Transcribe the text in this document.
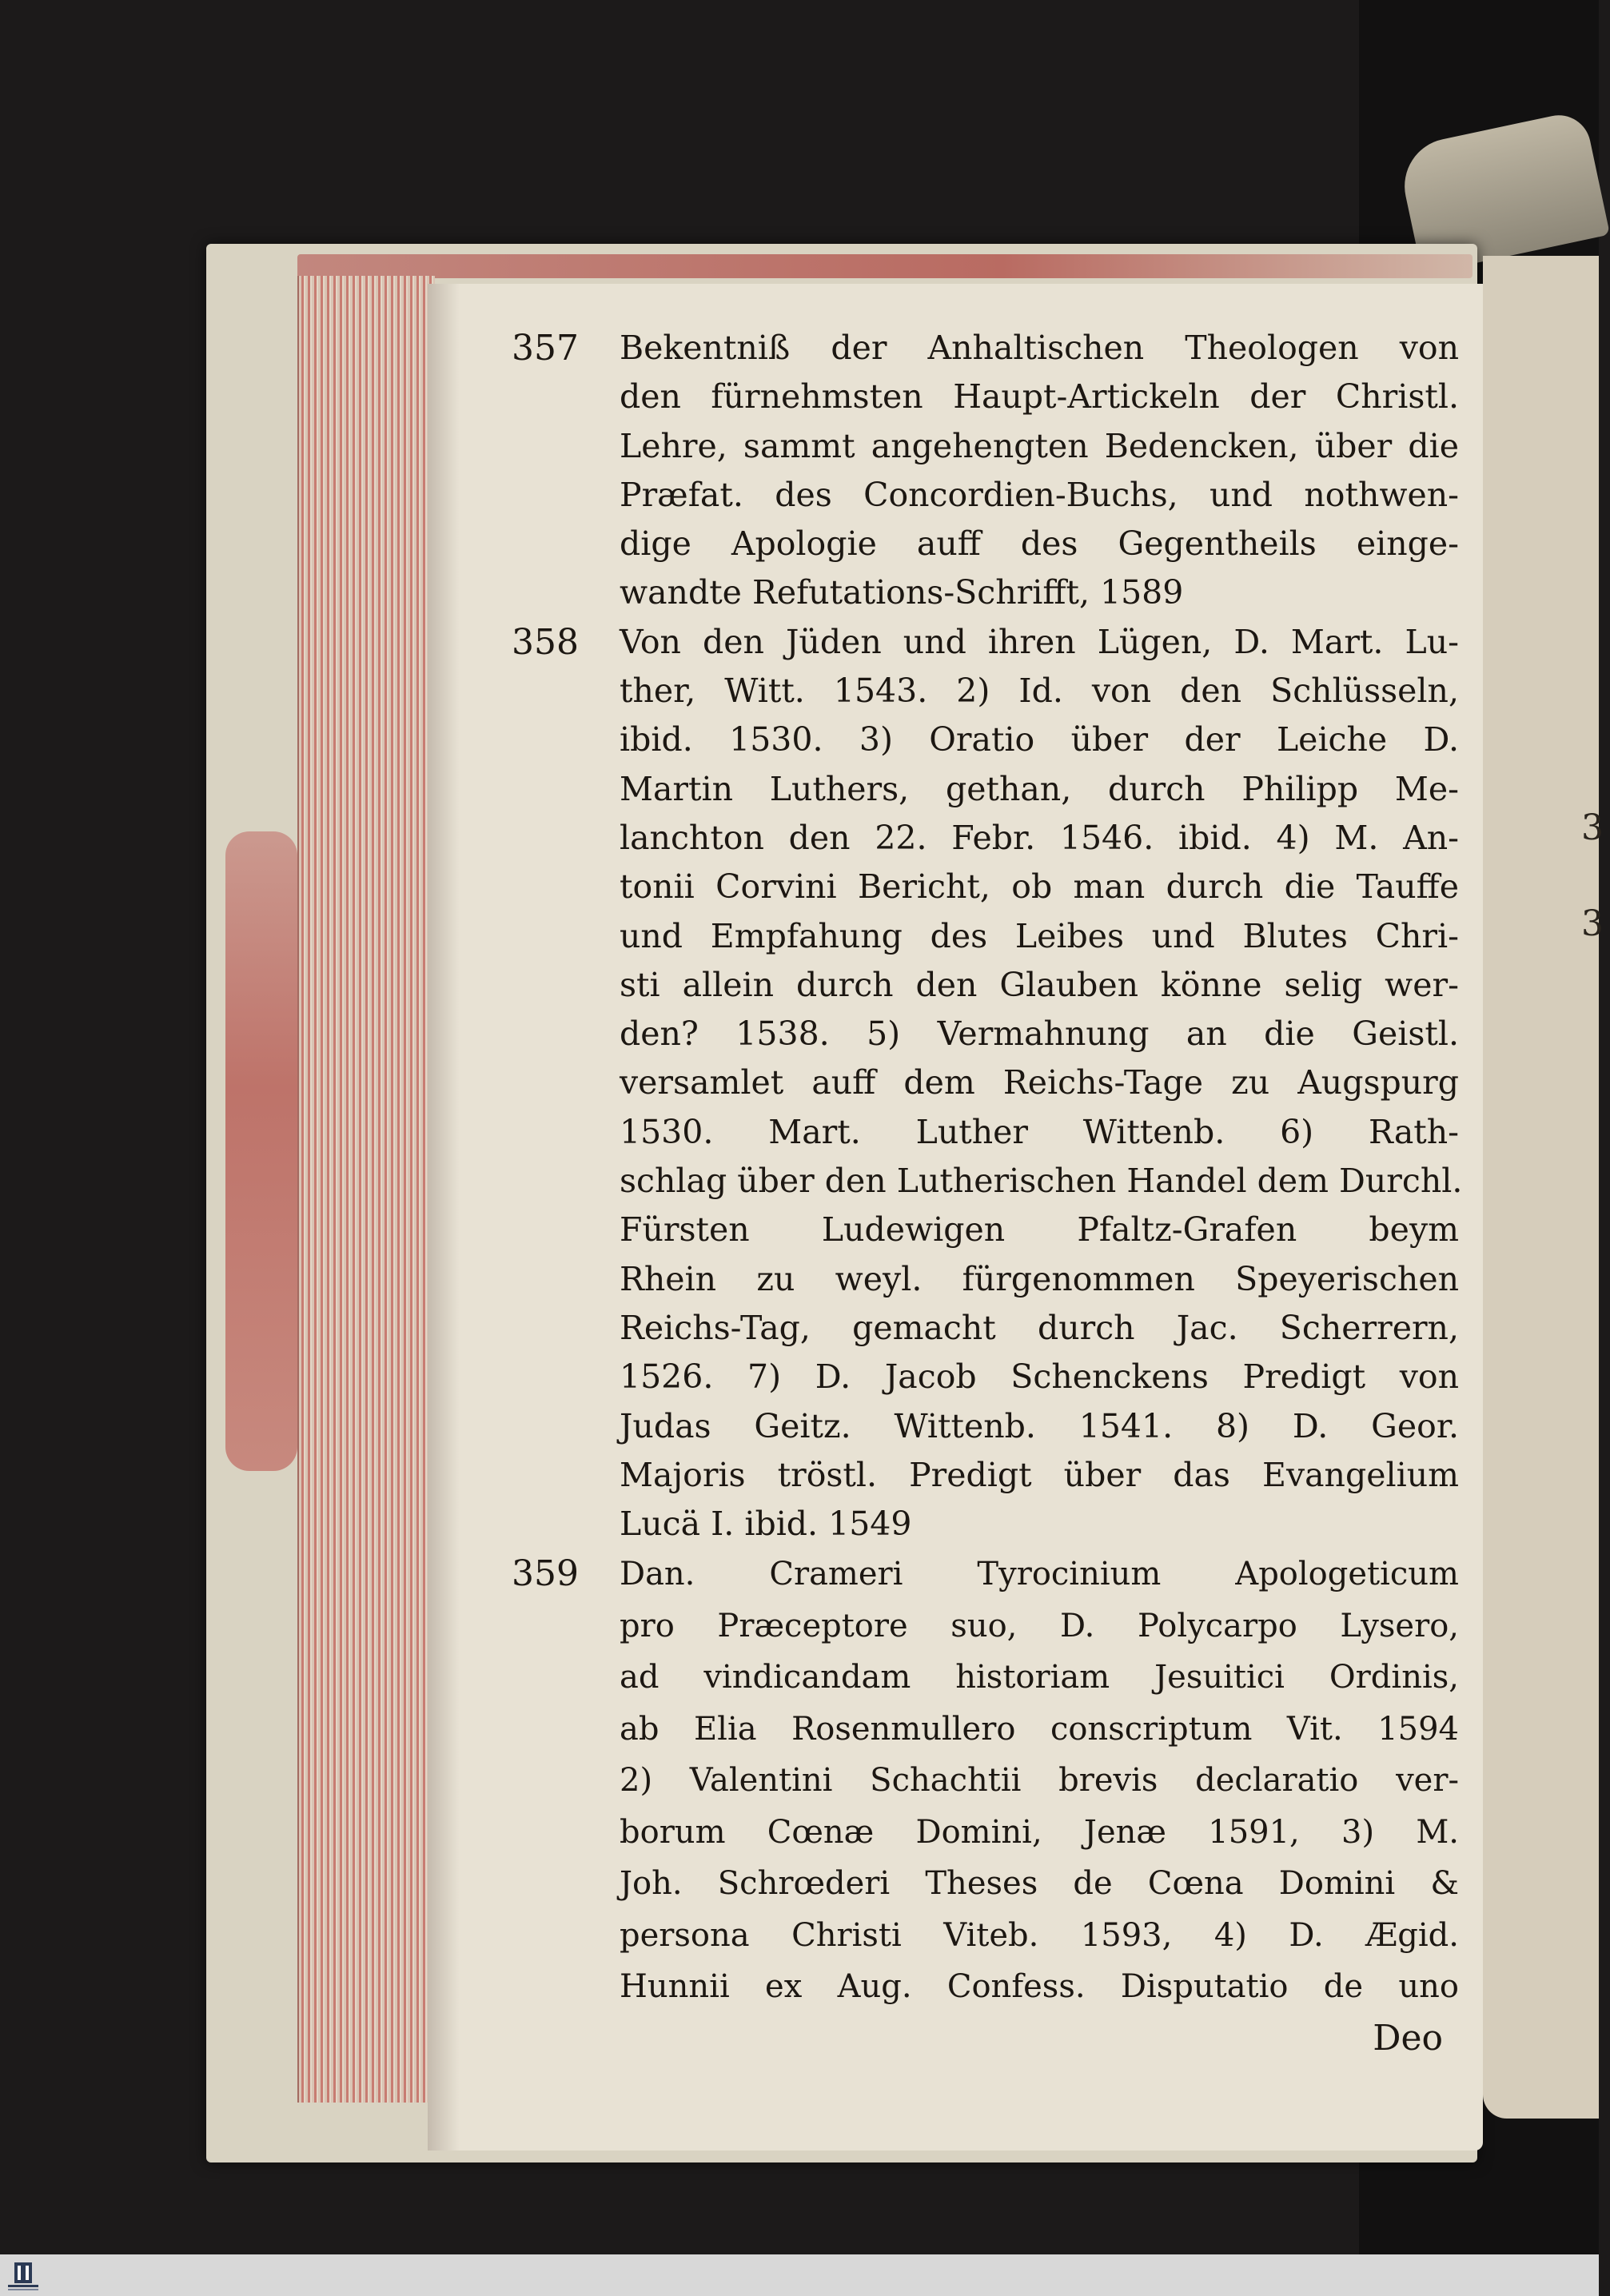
3
3
357	Bekentniß der Anhaltischen Theologen von
den fürnehmsten Haupt-Artickeln der Christl.
Lehre, sammt angehengten Bedencken, über die
Præfat. des Concordien-Buchs, und nothwen-
dige Apologie auff des Gegentheils einge-
wandte Refutations-Schrifft, 1589
358	Von den Jüden und ihren Lügen, D. Mart. Lu-
ther, Witt. 1543. 2) Id. von den Schlüsseln,
ibid. 1530. 3) Oratio über der Leiche D.
Martin Luthers, gethan, durch Philipp Me-
lanchton den 22. Febr. 1546. ibid. 4) M. An-
tonii Corvini Bericht, ob man durch die Tauffe
und Empfahung des Leibes und Blutes Chri-
sti allein durch den Glauben könne selig wer-
den? 1538. 5) Vermahnung an die Geistl.
versamlet auff dem Reichs-Tage zu Augspurg
1530. Mart. Luther Wittenb. 6) Rath-
schlag über den Lutherischen Handel dem Durchl.
Fürsten Ludewigen Pfaltz-Grafen beym
Rhein zu weyl. fürgenommen Speyerischen
Reichs-Tag, gemacht durch Jac. Scherrern,
1526. 7) D. Jacob Schenckens Predigt von
Judas Geitz. Wittenb. 1541. 8) D. Geor.
Majoris tröstl. Predigt über das Evangelium
Lucä I. ibid. 1549
359	Dan. Crameri Tyrocinium Apologeticum
pro Præceptore suo, D. Polycarpo Lysero,
ad vindicandam historiam Jesuitici Ordinis,
ab Elia Rosenmullero conscriptum Vit. 1594
2) Valentini Schachtii brevis declaratio ver-
borum Cœnæ Domini, Jenæ 1591, 3) M.
Joh. Schrœderi Theses de Cœna Domini &
persona Christi Viteb. 1593, 4) D. Ægid.
Hunnii ex Aug. Confess. Disputatio de uno
Deo
